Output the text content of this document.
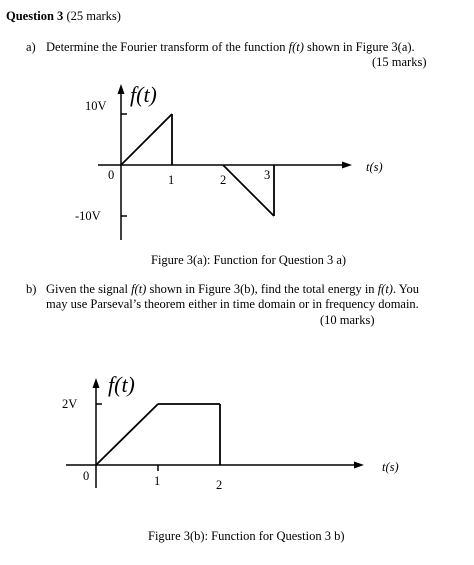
Question 3 (25 marks)
a) Determine the Fourier transform of the function f(t) shown in Figure 3(a).
(15 marks)
f(t)
t(s)
10V
-10V
0	1	2	3
Figure 3(a): Function for Question 3 a)
b) Given the signal f(t) shown in Figure 3(b), find the total energy in f(t). You
may use Parseval’s theorem either in time domain or in frequency domain.
(10 marks)
f(t)
t(s)
2V
0	1	2
Figure 3(b): Function for Question 3 b)
